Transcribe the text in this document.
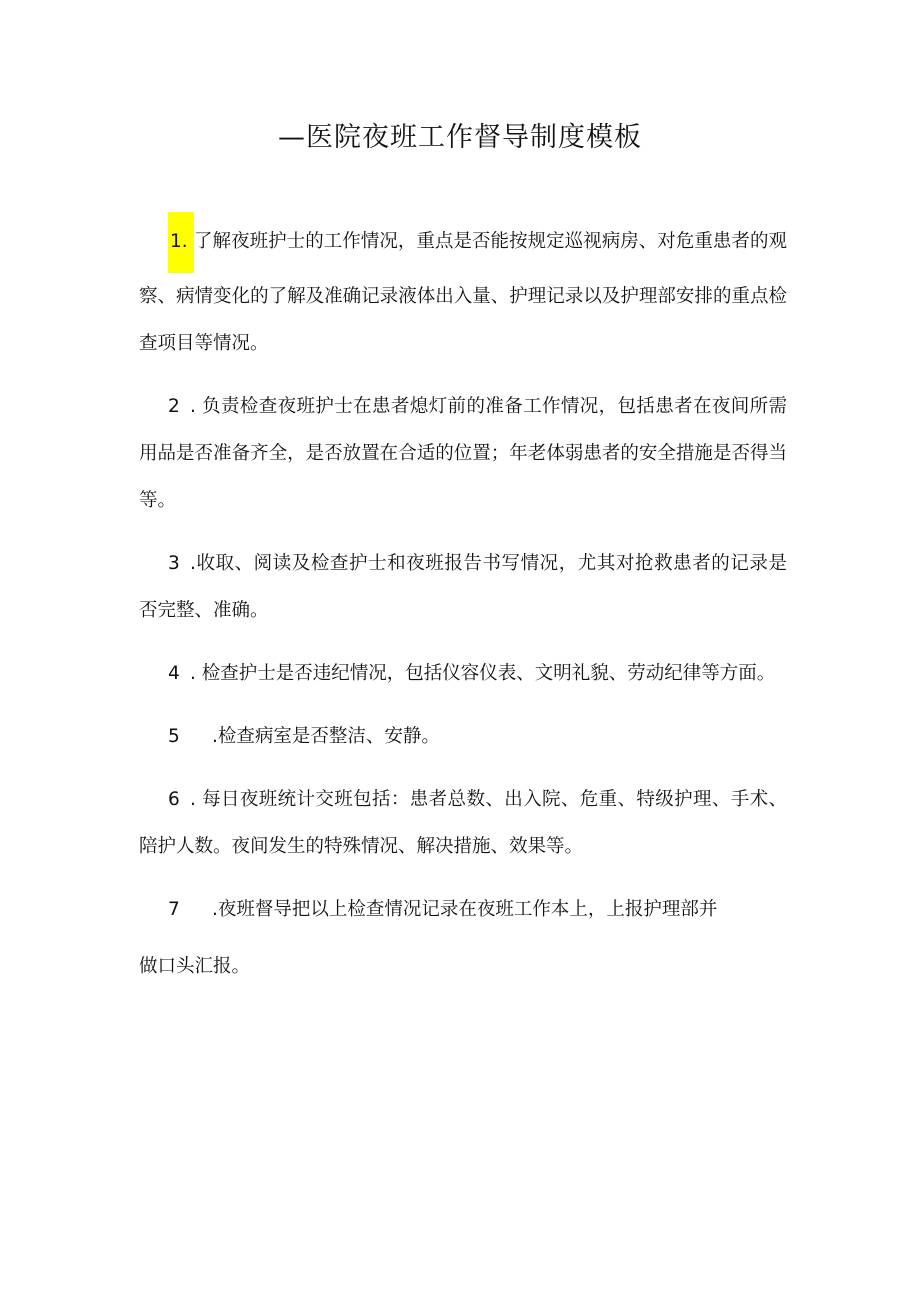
—医院夜班工作督导制度模板

1. 了解夜班护士的工作情况，重点是否能按规定巡视病房、对危重患者的观察、病情变化的了解及准确记录液体出入量、护理记录以及护理部安排的重点检查项目等情况。

2 . 负责检查夜班护士在患者熄灯前的准备工作情况，包括患者在夜间所需用品是否准备齐全，是否放置在合适的位置；年老体弱患者的安全措施是否得当等。

3 .收取、阅读及检查护士和夜班报告书写情况，尤其对抢救患者的记录是否完整、准确。

4 . 检查护士是否违纪情况，包括仪容仪表、文明礼貌、劳动纪律等方面。

5 .检查病室是否整洁、安静。

6 . 每日夜班统计交班包括：患者总数、出入院、危重、特级护理、手术、陪护人数。夜间发生的特殊情况、解决措施、效果等。

7 .夜班督导把以上检查情况记录在夜班工作本上，上报护理部并
做口头汇报。
